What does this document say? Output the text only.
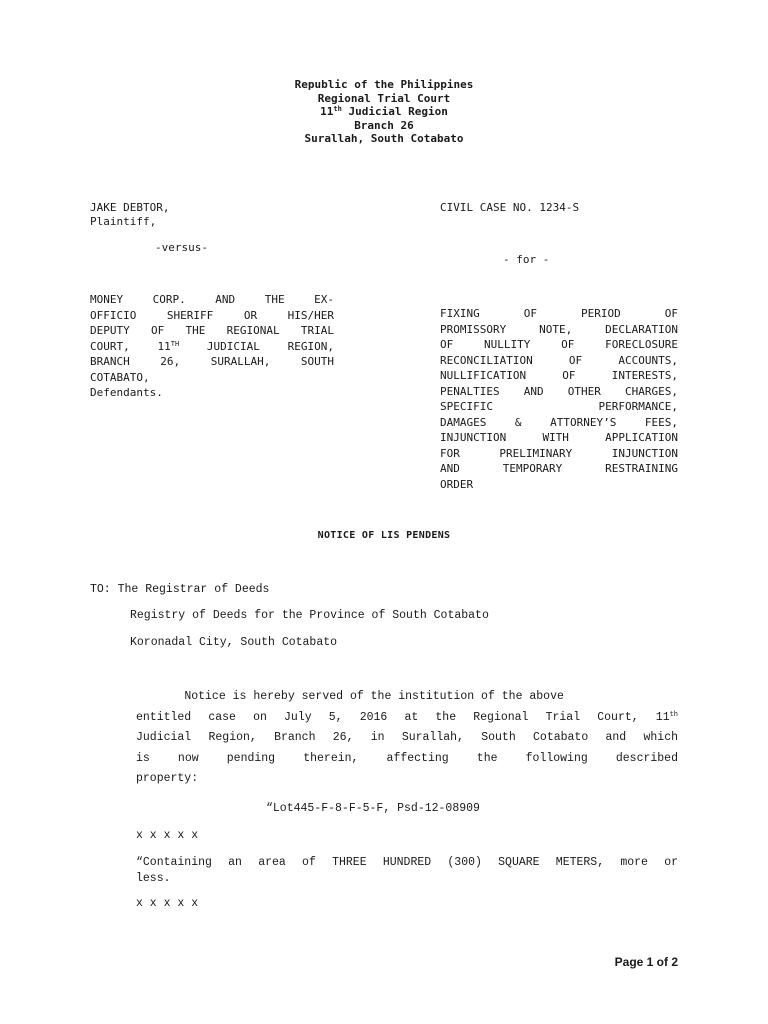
Republic of the Philippines
Regional Trial Court
11th Judicial Region
Branch 26
Surallah, South Cotabato
JAKE DEBTOR,
Plaintiff,
-versus-
MONEY CORP. AND THE EX-
OFFICIO SHERIFF OR HIS/HER
DEPUTY OF THE REGIONAL TRIAL
COURT, 11TH JUDICIAL REGION,
BRANCH 26, SURALLAH, SOUTH
COTABATO,
Defendants.
CIVIL CASE NO. 1234-S
- for -
FIXING OF PERIOD OF
PROMISSORY NOTE, DECLARATION
OF NULLITY OF FORECLOSURE
RECONCILIATION OF ACCOUNTS,
NULLIFICATION OF INTERESTS,
PENALTIES AND OTHER CHARGES,
SPECIFIC PERFORMANCE,
DAMAGES & ATTORNEY’S FEES,
INJUNCTION WITH APPLICATION
FOR PRELIMINARY INJUNCTION
AND TEMPORARY RESTRAINING
ORDER
NOTICE OF LIS PENDENS
TO: The Registrar of Deeds
Registry of Deeds for the Province of South Cotabato
Koronadal City, South Cotabato
Notice is hereby served of the institution of the above
entitled case on July 5, 2016 at the Regional Trial Court, 11th
Judicial Region, Branch 26, in Surallah, South Cotabato and which
is now pending therein, affecting the following described
property:
“Lot445-F-8-F-5-F, Psd-12-08909
x x x x x
“Containing an area of THREE HUNDRED (300) SQUARE METERS, more or
less.
x x x x x
Page 1 of 2
